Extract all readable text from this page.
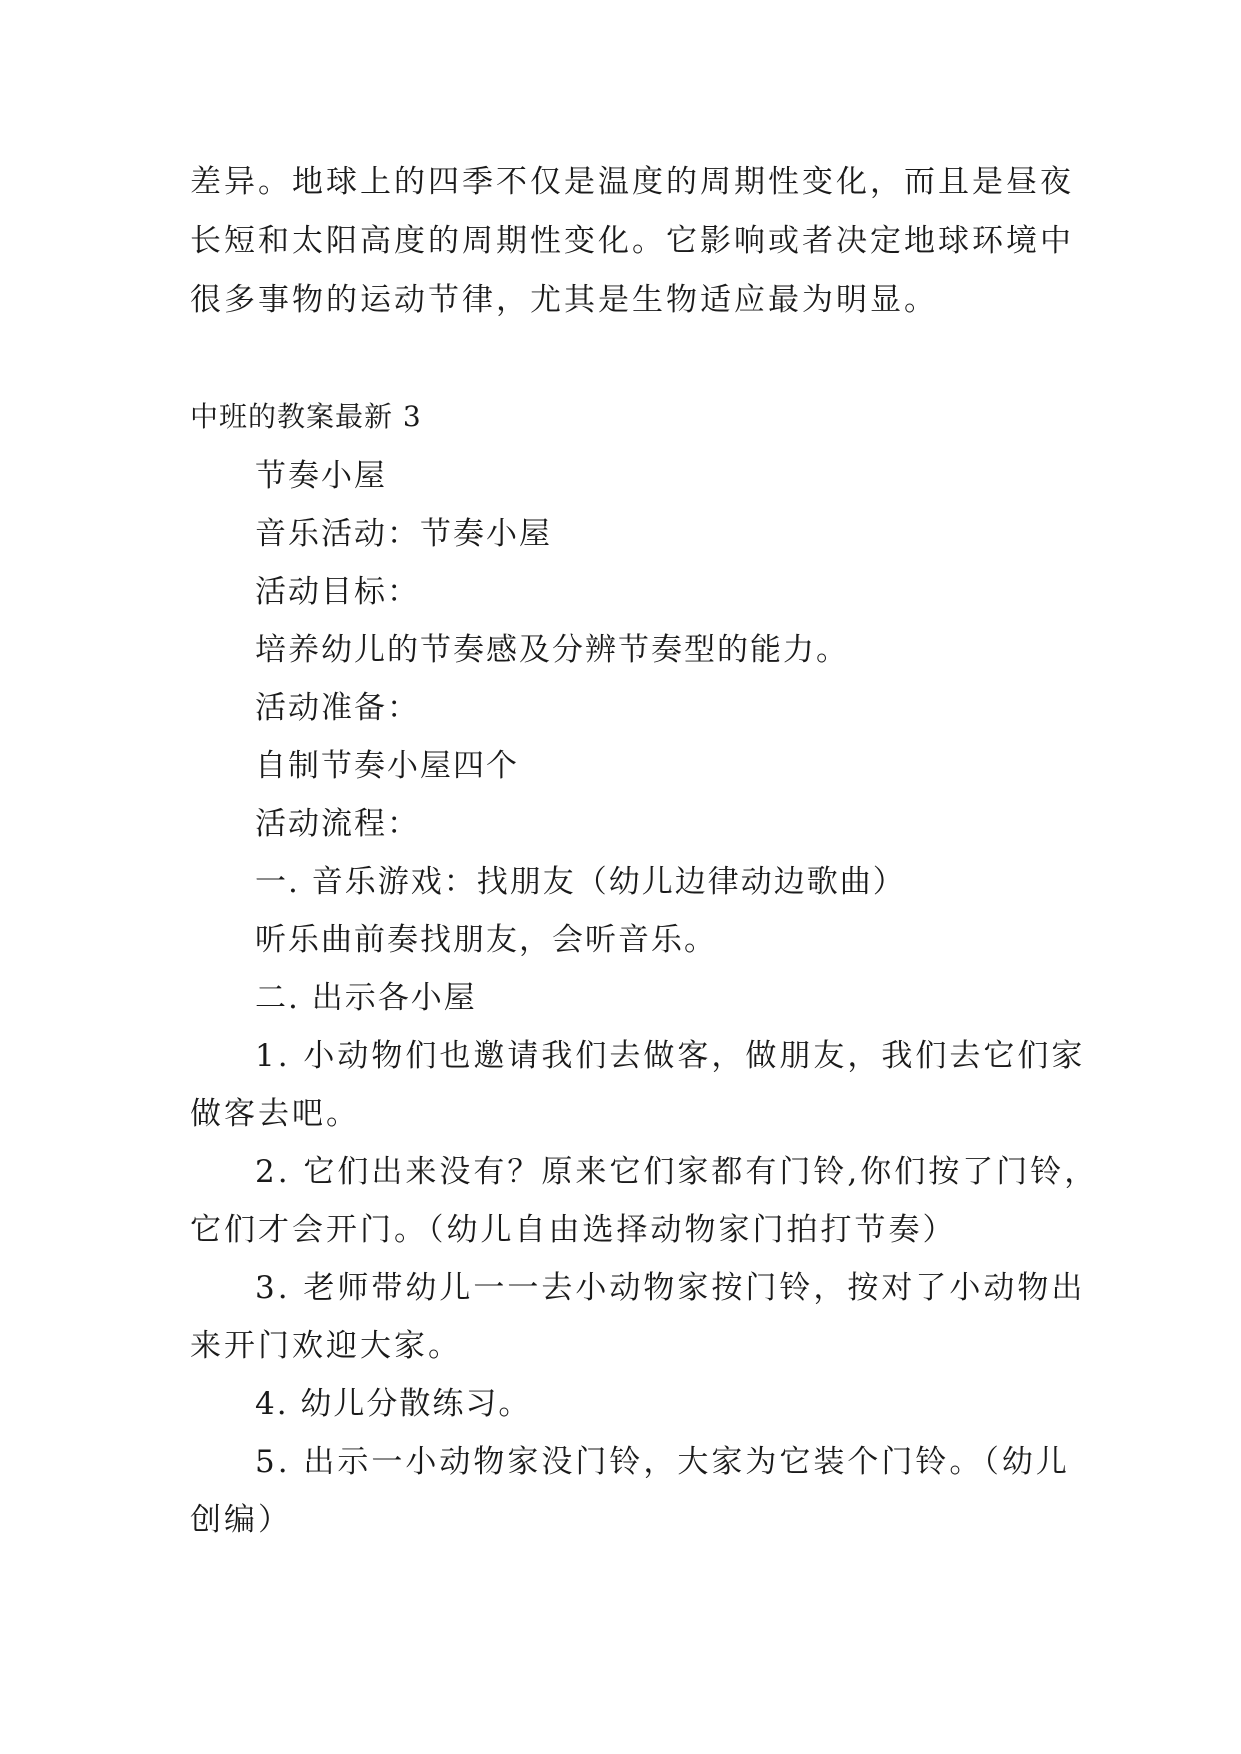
差异。地球上的四季不仅是温度的周期性变化，而且是昼夜
长短和太阳高度的周期性变化。它影响或者决定地球环境中
很多事物的运动节律，尤其是生物适应最为明显。
中班的教案最新 3
节奏小屋
音乐活动：节奏小屋
活动目标：
培养幼儿的节奏感及分辨节奏型的能力。
活动准备：
自制节奏小屋四个
活动流程：
一. 音乐游戏：找朋友（幼儿边律动边歌曲）
听乐曲前奏找朋友，会听音乐。
二. 出示各小屋
1. 小动物们也邀请我们去做客，做朋友，我们去它们家
做客去吧。
2. 它们出来没有？原来它们家都有门铃,你们按了门铃，
它们才会开门。（幼儿自由选择动物家门拍打节奏）
3. 老师带幼儿一一去小动物家按门铃，按对了小动物出
来开门欢迎大家。
4. 幼儿分散练习。
5. 出示一小动物家没门铃，大家为它装个门铃。（幼儿
创编）
